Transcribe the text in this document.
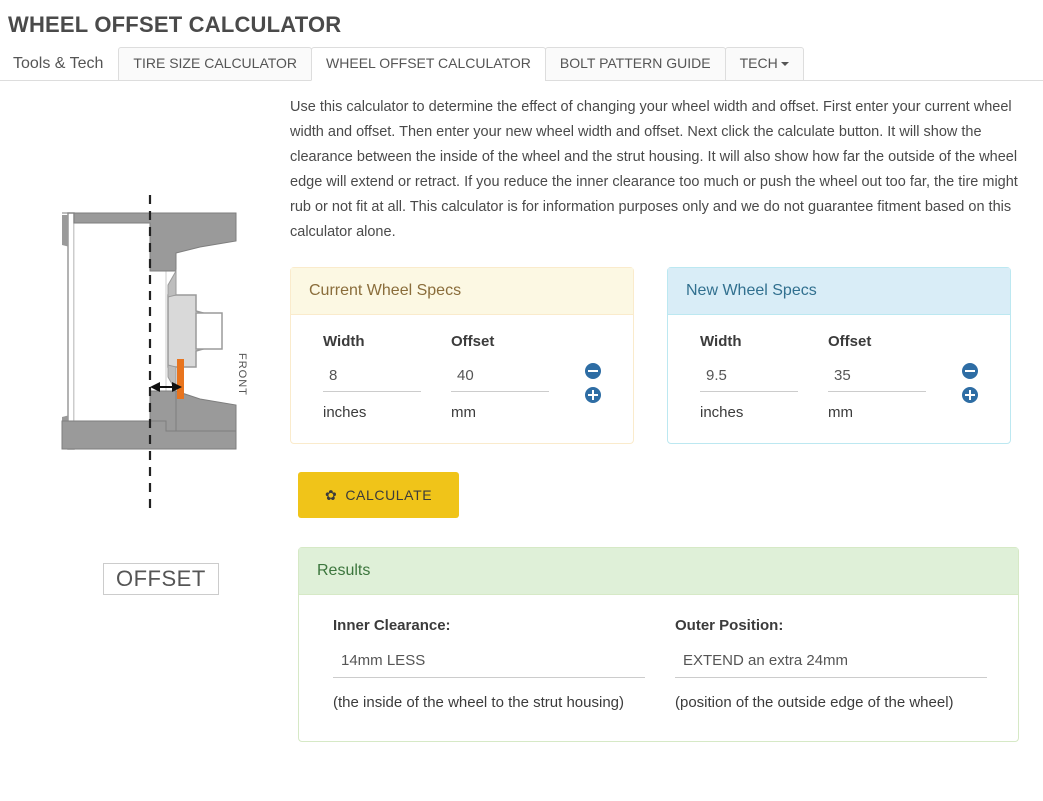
WHEEL OFFSET CALCULATOR
Tools & Tech	TIRE SIZE CALCULATOR	WHEEL OFFSET CALCULATOR	BOLT PATTERN GUIDE	TECH
FRONT
OFFSET

Use this calculator to determine the effect of changing your wheel width and offset. First enter your current wheel width and offset. Then enter your new wheel width and offset. Next click the calculate button. It will show the clearance between the inside of the wheel and the strut housing. It will also show how far the outside of the wheel edge will extend or retract. If you reduce the inner clearance too much or push the wheel out too far, the tire might rub or not fit at all. This calculator is for information purposes only and we do not guarantee fitment based on this calculator alone.

Current Wheel Specs
Width
8
inches
Offset
40
mm
New Wheel Specs
Width
9.5
inches
Offset
35
mm
✿ CALCULATE
Results
Inner Clearance:
14mm LESS
(the inside of the wheel to the strut housing)
Outer Position:
EXTEND an extra 24mm
(position of the outside edge of the wheel)
